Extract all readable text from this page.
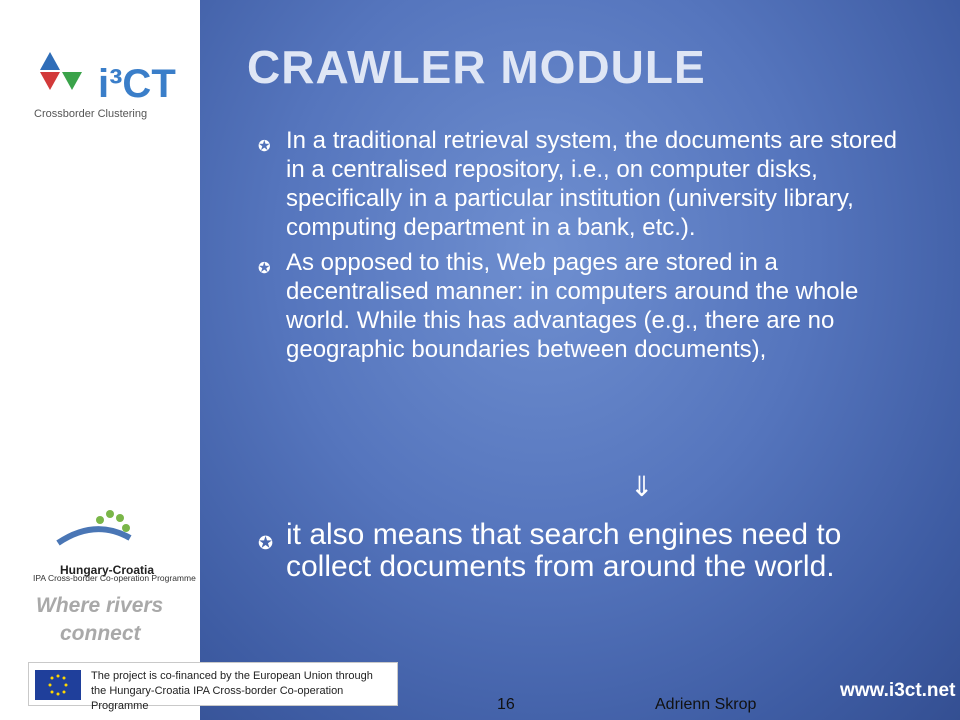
i³CT
Crossborder Clustering
Hungary-Croatia
IPA Cross-border Co-operation Programme
Where rivers
connect
CRAWLER MODULE
✪ In a traditional retrieval system, the documents are stored in a centralised repository, i.e., on computer disks, specifically in a particular institution (university library, computing department in a bank, etc.).
✪ As opposed to this, Web pages are stored in a decentralised manner: in computers around the whole world. While this has advantages (e.g., there are no geographic boundaries between documents),
⇓
✪ it also means that search engines need to collect documents from around the world.
The project is co-financed by the European Union through the Hungary-Croatia IPA Cross-border Co-operation Programme	16	Adrienn Skrop
www.i3ct.net
